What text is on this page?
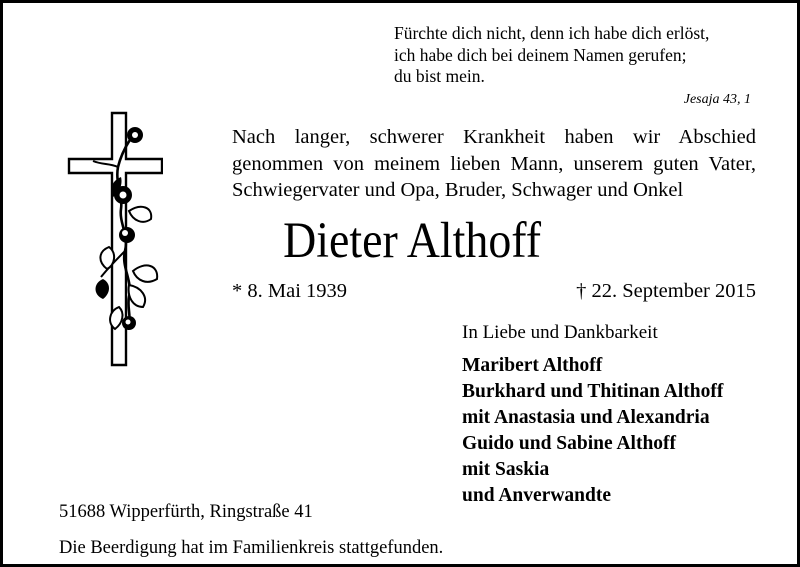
Fürchte dich nicht, denn ich habe dich erlöst,
ich habe dich bei deinem Namen gerufen;
du bist mein.
Jesaja 43, 1
Nach langer, schwerer Krankheit haben wir Abschied
genommen von meinem lieben Mann, unserem guten Vater,
Schwiegervater und Opa, Bruder, Schwager und Onkel
Dieter Althoff
* 8. Mai 1939	† 22. September 2015
In Liebe und Dankbarkeit
Maribert Althoff
Burkhard und Thitinan Althoff
mit Anastasia und Alexandria
Guido und Sabine Althoff
mit Saskia
und Anverwandte
51688 Wipperfürth, Ringstraße 41
Die Beerdigung hat im Familienkreis stattgefunden.
